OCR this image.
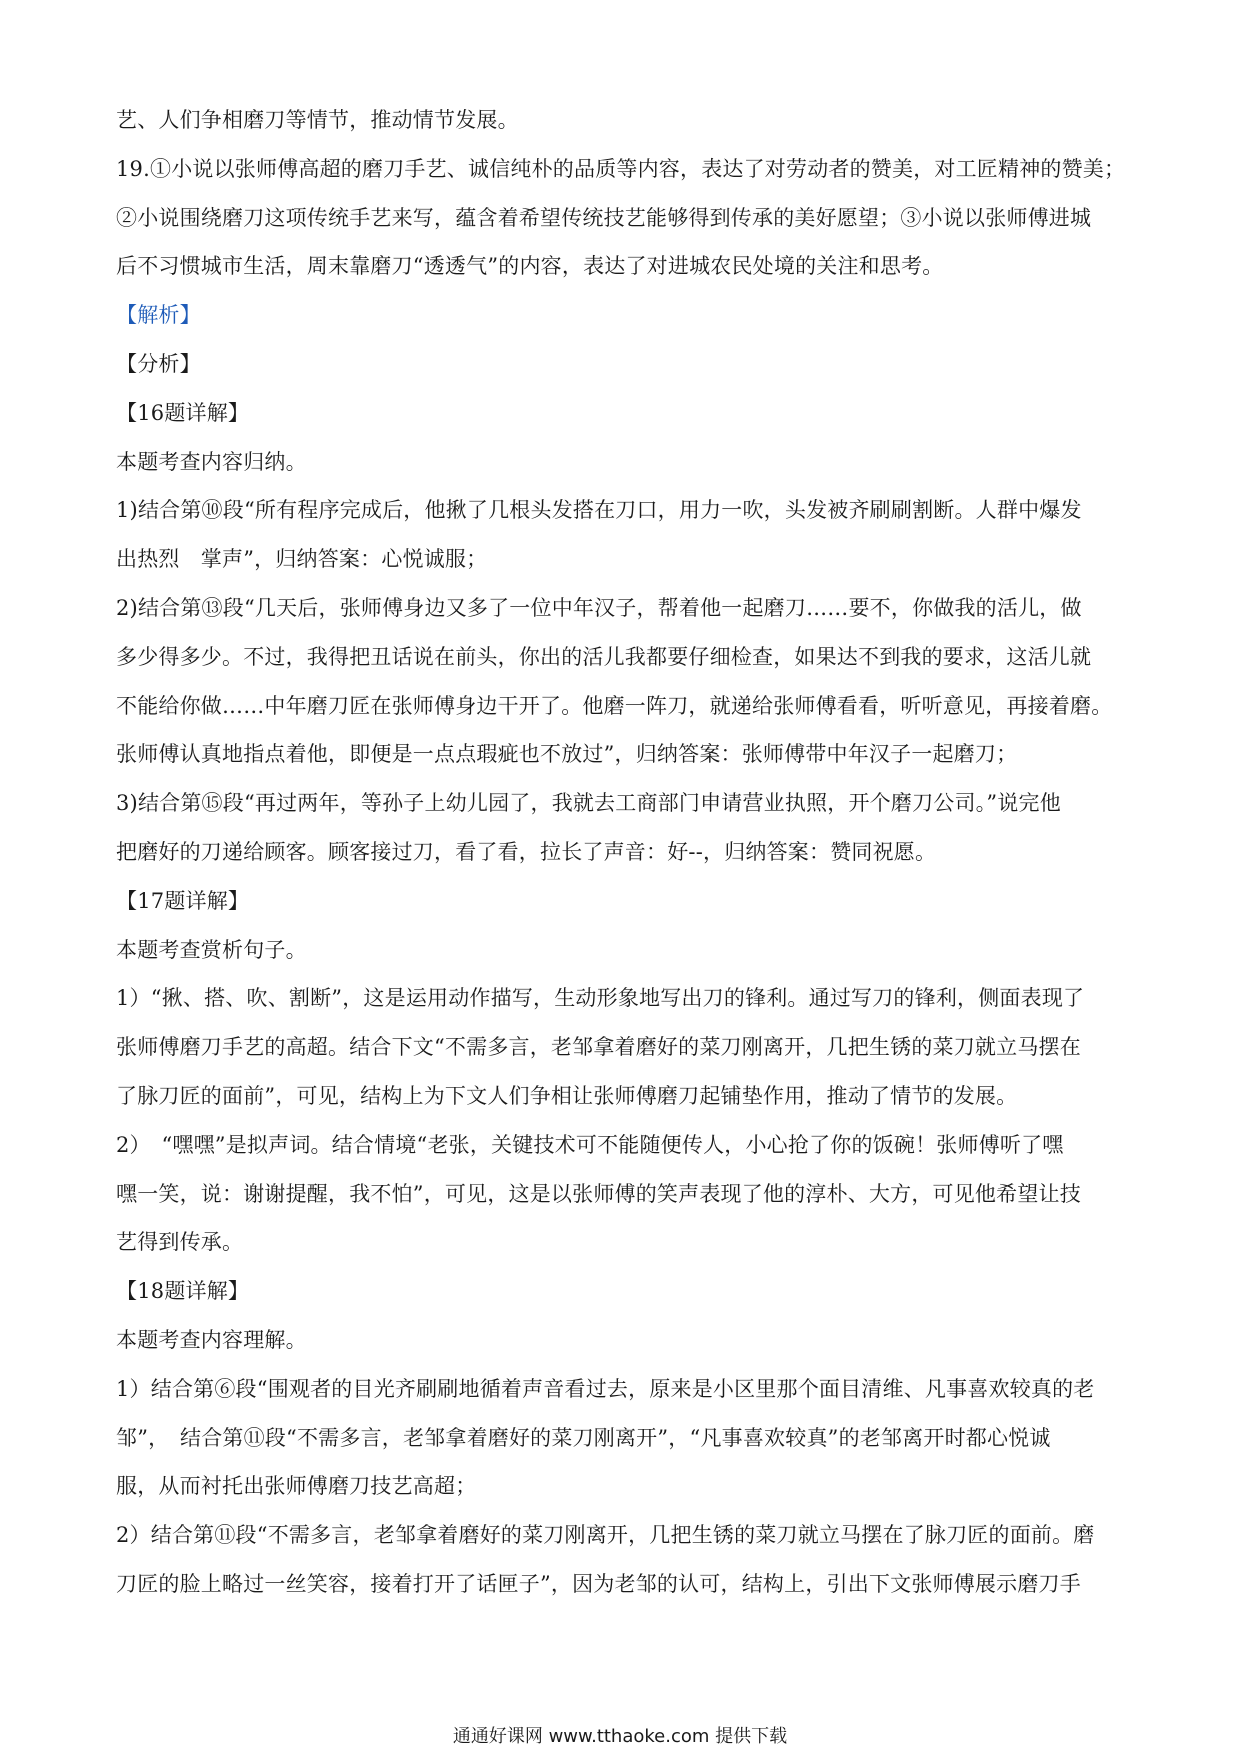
艺、人们争相磨刀等情节，推动情节发展。
19.①小说以张师傅高超的磨刀手艺、诚信纯朴的品质等内容，表达了对劳动者的赞美，对工匠精神的赞美；
②小说围绕磨刀这项传统手艺来写，蕴含着希望传统技艺能够得到传承的美好愿望；③小说以张师傅进城
后不习惯城市生活，周末靠磨刀“透透气”的内容，表达了对进城农民处境的关注和思考。
【解析】
【分析】
【16题详解】
本题考查内容归纳。
1)结合第⑩段“所有程序完成后，他揪了几根头发搭在刀口，用力一吹，头发被齐刷刷割断。人群中爆发
出热烈　掌声”，归纳答案：心悦诚服；
2)结合第⑬段“几天后，张师傅身边又多了一位中年汉子，帮着他一起磨刀……要不，你做我的活儿，做
多少得多少。不过，我得把丑话说在前头，你出的活儿我都要仔细检查，如果达不到我的要求，这活儿就
不能给你做……中年磨刀匠在张师傅身边干开了。他磨一阵刀，就递给张师傅看看，听听意见，再接着磨。
张师傅认真地指点着他，即便是一点点瑕疵也不放过”，归纳答案：张师傅带中年汉子一起磨刀；
3)结合第⑮段“再过两年，等孙子上幼儿园了，我就去工商部门申请营业执照，开个磨刀公司。”说完他
把磨好的刀递给顾客。顾客接过刀，看了看，拉长了声音：好--，归纳答案：赞同祝愿。
【17题详解】
本题考查赏析句子。
1）“揪、搭、吹、割断”，这是运用动作描写，生动形象地写出刀的锋利。通过写刀的锋利，侧面表现了
张师傅磨刀手艺的高超。结合下文“不需多言，老邹拿着磨好的菜刀刚离开，几把生锈的菜刀就立马摆在
了脉刀匠的面前”，可见，结构上为下文人们争相让张师傅磨刀起铺垫作用，推动了情节的发展。
2）　“嘿嘿”是拟声词。结合情境“老张，关键技术可不能随便传人，小心抢了你的饭碗！张师傅听了嘿
嘿一笑，说：谢谢提醒，我不怕”，可见，这是以张师傅的笑声表现了他的淳朴、大方，可见他希望让技
艺得到传承。
【18题详解】
本题考查内容理解。
1）结合第⑥段“围观者的目光齐刷刷地循着声音看过去，原来是小区里那个面目清维、凡事喜欢较真的老
邹”，　结合第⑪段“不需多言，老邹拿着磨好的菜刀刚离开”，“凡事喜欢较真”的老邹离开时都心悦诚
服，从而衬托出张师傅磨刀技艺高超；
2）结合第⑪段“不需多言，老邹拿着磨好的菜刀刚离开，几把生锈的菜刀就立马摆在了脉刀匠的面前。磨
刀匠的脸上略过一丝笑容，接着打开了话匣子”，因为老邹的认可，结构上，引出下文张师傅展示磨刀手
通通好课网 www.tthaoke.com 提供下载
